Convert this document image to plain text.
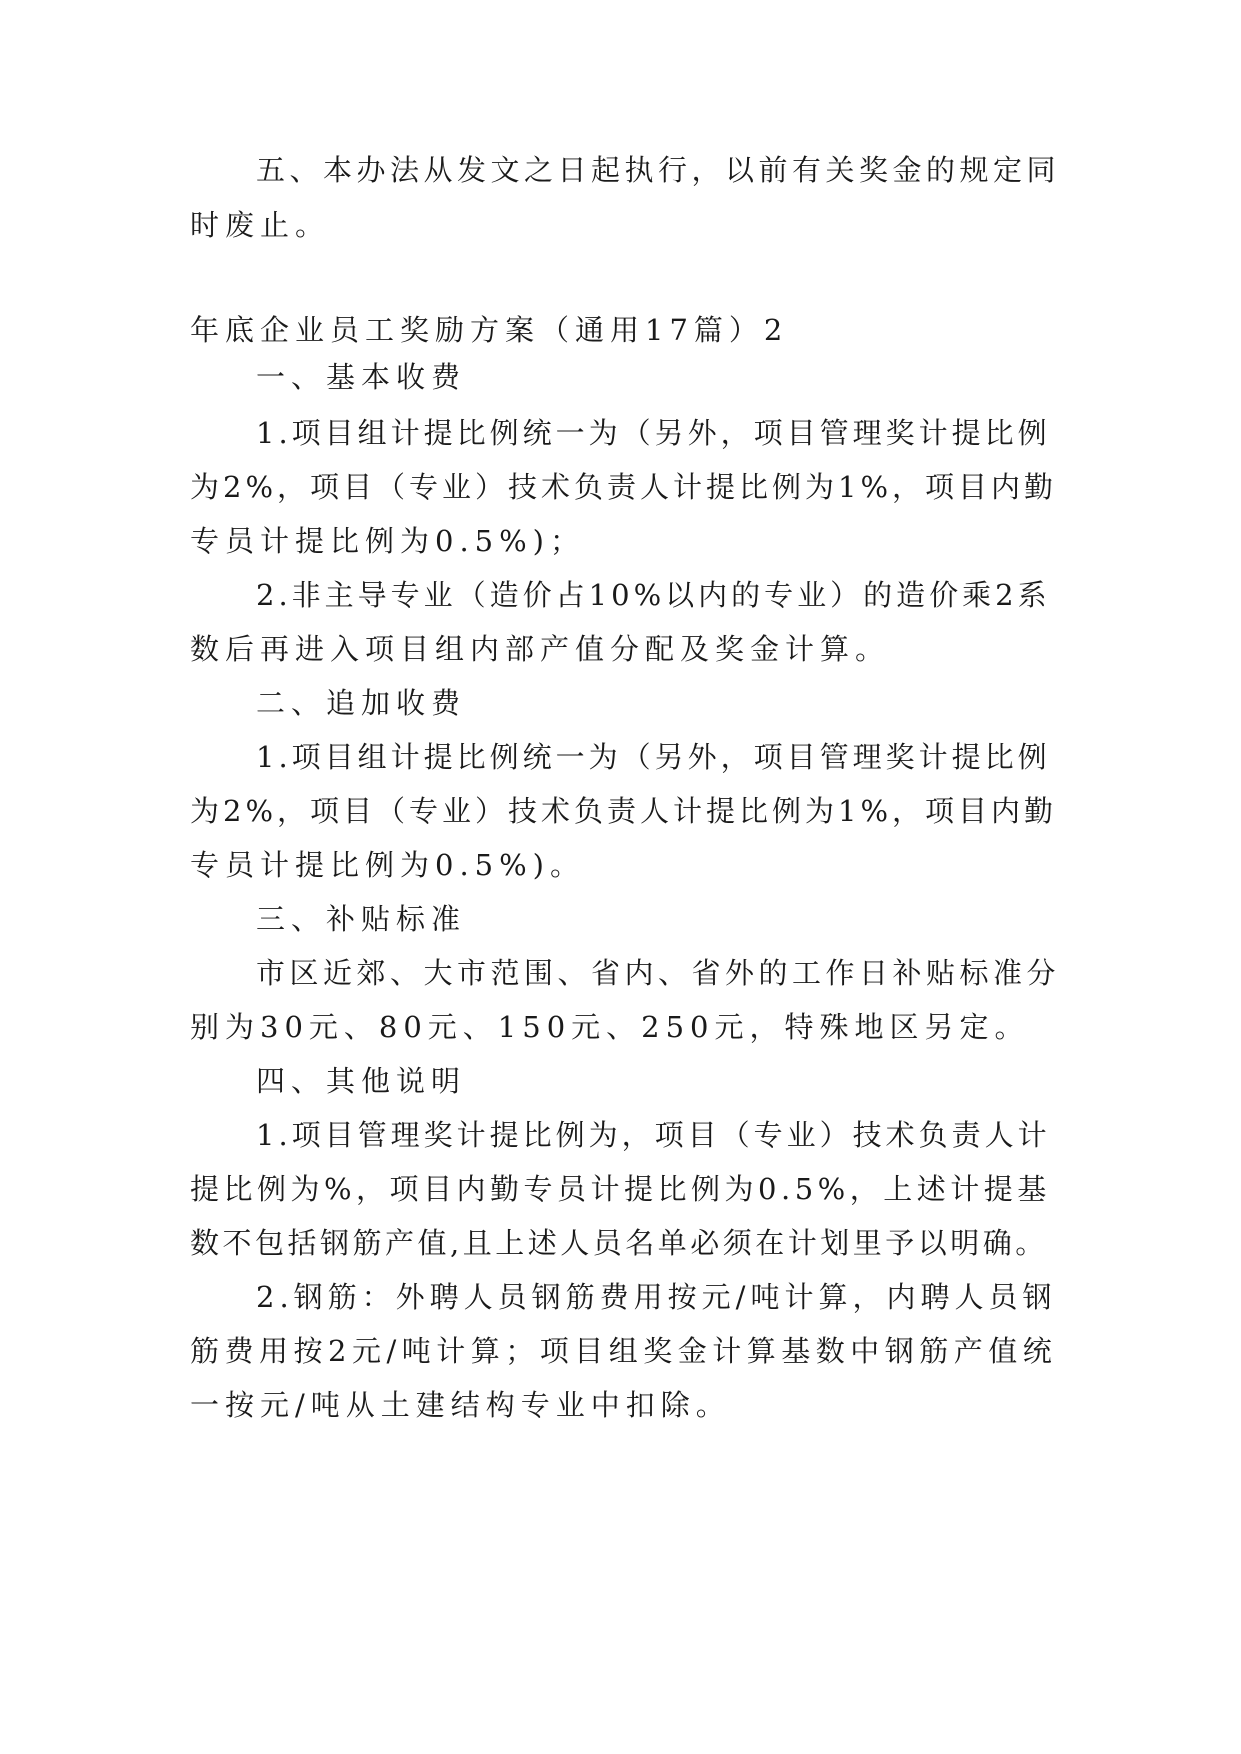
五、本办法从发文之日起执行，以前有关奖金的规定同
时废止。
年底企业员工奖励方案（通用17篇）2
一、基本收费
1.项目组计提比例统一为（另外，项目管理奖计提比例
为2%，项目（专业）技术负责人计提比例为1%，项目内勤
专员计提比例为0.5%)；
2.非主导专业（造价占10%以内的专业）的造价乘2系
数后再进入项目组内部产值分配及奖金计算。
二、追加收费
1.项目组计提比例统一为（另外，项目管理奖计提比例
为2%，项目（专业）技术负责人计提比例为1%，项目内勤
专员计提比例为0.5%)。
三、补贴标准
市区近郊、大市范围、省内、省外的工作日补贴标准分
别为30元、80元、150元、250元，特殊地区另定。
四、其他说明
1.项目管理奖计提比例为，项目（专业）技术负责人计
提比例为%，项目内勤专员计提比例为0.5%，上述计提基
数不包括钢筋产值,且上述人员名单必须在计划里予以明确。
2.钢筋：外聘人员钢筋费用按元/吨计算，内聘人员钢
筋费用按2元/吨计算；项目组奖金计算基数中钢筋产值统
一按元/吨从土建结构专业中扣除。
